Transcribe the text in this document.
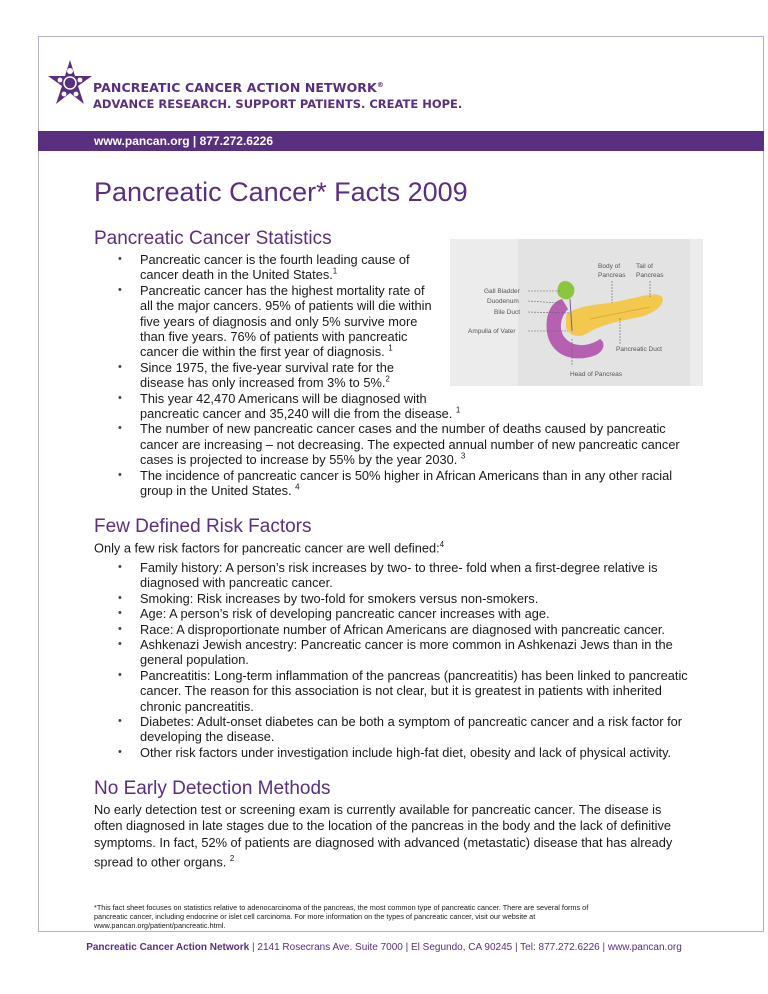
PANCREATIC CANCER ACTION NETWORK®
ADVANCE RESEARCH. SUPPORT PATIENTS. CREATE HOPE.
www.pancan.org | 877.272.6226
Pancreatic Cancer* Facts 2009
Pancreatic Cancer Statistics
• Pancreatic cancer is the fourth leading cause of
cancer death in the United States.$^1$
• Pancreatic cancer has the highest mortality rate of
all the major cancers. 95% of patients will die within
five years of diagnosis and only 5% survive more
than five years. 76% of patients with pancreatic
cancer die within the first year of diagnosis. $^1$
• Since 1975, the five-year survival rate for the
disease has only increased from 3% to 5%.$^2$
• This year 42,470 Americans will be diagnosed with
pancreatic cancer and 35,240 will die from the disease. $^1$
• The number of new pancreatic cancer cases and the number of deaths caused by pancreatic
cancer are increasing – not decreasing. The expected annual number of new pancreatic cancer
cases is projected to increase by 55% by the year 2030. $^3$
• The incidence of pancreatic cancer is 50% higher in African Americans than in any other racial
group in the United States. $^4$
Gall Bladder
Duodenum
Bile Duct
Ampulla of Vater
Body of
Pancreas
Tail of
Pancreas
Pancreatic Duct
Head of Pancreas
Few Defined Risk Factors
Only a few risk factors for pancreatic cancer are well defined:$^4$
• Family history: A person’s risk increases by two- to three- fold when a first-degree relative is
diagnosed with pancreatic cancer.
• Smoking: Risk increases by two-fold for smokers versus non-smokers.
• Age: A person’s risk of developing pancreatic cancer increases with age.
• Race: A disproportionate number of African Americans are diagnosed with pancreatic cancer.
• Ashkenazi Jewish ancestry: Pancreatic cancer is more common in Ashkenazi Jews than in the
general population.
• Pancreatitis: Long-term inflammation of the pancreas (pancreatitis) has been linked to pancreatic
cancer. The reason for this association is not clear, but it is greatest in patients with inherited
chronic pancreatitis.
• Diabetes: Adult-onset diabetes can be both a symptom of pancreatic cancer and a risk factor for
developing the disease.
• Other risk factors under investigation include high-fat diet, obesity and lack of physical activity.
No Early Detection Methods
No early detection test or screening exam is currently available for pancreatic cancer. The disease is
often diagnosed in late stages due to the location of the pancreas in the body and the lack of definitive
symptoms. In fact, 52% of patients are diagnosed with advanced (metastatic) disease that has already
spread to other organs. $^2$
*This fact sheet focuses on statistics relative to adenocarcinoma of the pancreas, the most common type of pancreatic cancer. There are several forms of
pancreatic cancer, including endocrine or islet cell carcinoma. For more information on the types of pancreatic cancer, visit our website at
www.pancan.org/patient/pancreatic.html.
Pancreatic Cancer Action Network | 2141 Rosecrans Ave. Suite 7000 | El Segundo, CA 90245 | Tel: 877.272.6226 | www.pancan.org
